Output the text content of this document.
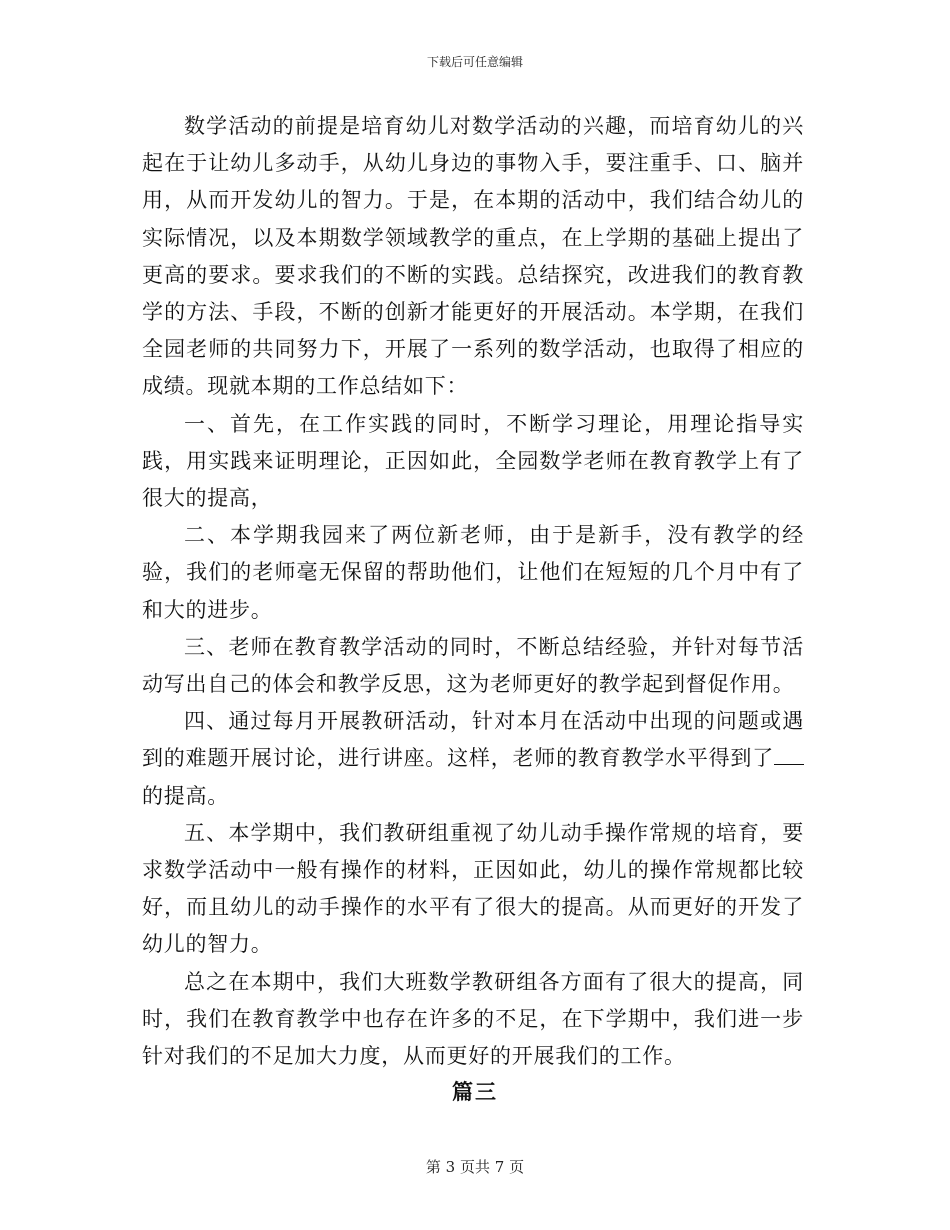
下载后可任意编辑

数学活动的前提是培育幼儿对数学活动的兴趣，而培育幼儿的兴起在于让幼儿多动手，从幼儿身边的事物入手，要注重手、口、脑并用，从而开发幼儿的智力。于是，在本期的活动中，我们结合幼儿的实际情况，以及本期数学领域教学的重点，在上学期的基础上提出了更高的要求。要求我们的不断的实践。总结探究，改进我们的教育教学的方法、手段，不断的创新才能更好的开展活动。本学期，在我们全园老师的共同努力下，开展了一系列的数学活动，也取得了相应的成绩。现就本期的工作总结如下：

一、首先，在工作实践的同时，不断学习理论，用理论指导实践，用实践来证明理论，正因如此，全园数学老师在教育教学上有了很大的提高，

二、本学期我园来了两位新老师，由于是新手，没有教学的经验，我们的老师毫无保留的帮助他们，让他们在短短的几个月中有了和大的进步。

三、老师在教育教学活动的同时，不断总结经验，并针对每节活动写出自己的体会和教学反思，这为老师更好的教学起到督促作用。

四、通过每月开展教研活动，针对本月在活动中出现的问题或遇到的难题开展讨论，进行讲座。这样，老师的教育教学水平得到了的提高。

五、本学期中，我们教研组重视了幼儿动手操作常规的培育，要求数学活动中一般有操作的材料，正因如此，幼儿的操作常规都比较好，而且幼儿的动手操作的水平有了很大的提高。从而更好的开发了幼儿的智力。

总之在本期中，我们大班数学教研组各方面有了很大的提高，同时，我们在教育教学中也存在许多的不足，在下学期中，我们进一步针对我们的不足加大力度，从而更好的开展我们的工作。

篇三
第 3 页共 7 页
